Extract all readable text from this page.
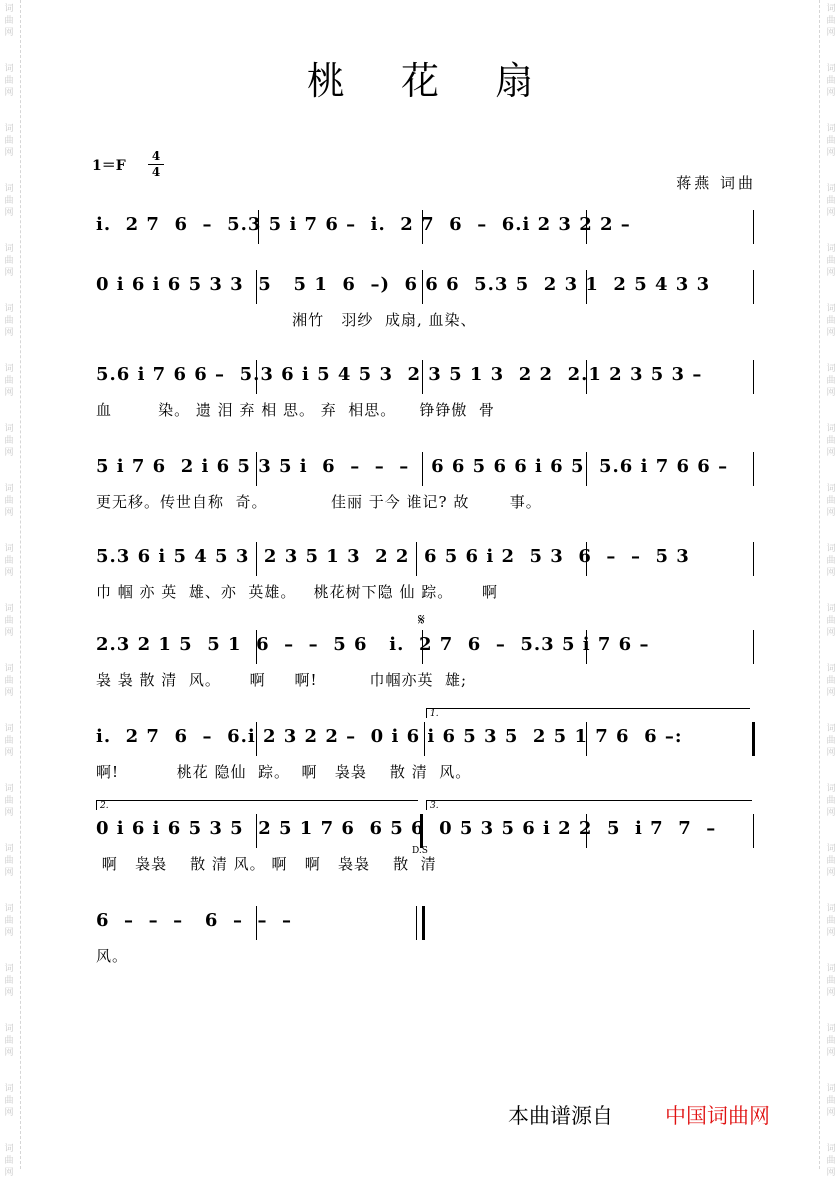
词
曲
网
词
曲
网
词
曲
网
词
曲
网
词
曲
网
词
曲
网
词
曲
网
词
曲
网
词
曲
网
词
曲
网
词
曲
网
词
曲
网
词
曲
网
词
曲
网
词
曲
网
词
曲
网
词
曲
网
词
曲
网
词
曲
网
词
曲
网
词
曲
网
词
曲
网
词
曲
网
词
曲
网
词
曲
网
词
曲
网
词
曲
网
词
曲
网
词
曲
网
词
曲
网
词
曲
网
词
曲
网
词
曲
网
词
曲
网
词
曲
网
词
曲
网
词
曲
网
词
曲
网
词
曲
网
词
曲
网
桃 花 扇
1＝F
4
4
蒋燕 词曲
i.  2 7  6  –  5.3 5 i 7 6 –  i.  2 7  6  –  6.i 2 3 2 2 –
0 i 6 i 6 5 3 3  5   5 1  6  –)  6 6 6  5.3 5  2 3 1  2 5 4 3 3
湘竹   羽纱  成扇, 血染、
5.6 i 7 6 6 –  5.3 6 i 5 4 5 3  2 3 5 1 3  2 2  2.1 2 3 5 3 –
血        染。 遗 泪 弃 相 思。 弃  相思。    铮铮傲  骨
5 i 7 6  2 i 6 5 3 5 i  6  –  –  –   6 6 5 6 6 i 6 5  5.6 i 7 6 6 –
更无移。传世自称  奇。           佳丽 于今 谁记? 故       事。
5.3 6 i 5 4 5 3  2 3 5 1 3  2 2  6 5 6 i 2  5 3  6  –  –  5 3
巾 帼 亦 英  雄、亦  英雄。   桃花树下隐 仙 踪。     啊
2.3 2 1 5  5 1  6  –  –  5 6   i.  2 7  6  –  5.3 5 i 7 6 –
袅 袅 散 清  风。     啊     啊!         巾帼亦英  雄;
𝄋
i.  2 7  6  –  6.i 2 3 2 2 –  0 i 6 i 6 5 3 5  2 5 1 7 6  6 –:
啊!          桃花 隐仙  踪。  啊   袅袅    散 清  风。
1.
0 i 6 i 6 5 3 5  2 5 1 7 6  6 5 6  0 5 3 5 6 i 2 2  5  i 7  7  –
啊   袅袅    散 清 风。 啊   啊   袅袅    散  清
2.	3.
D.S
6  –  –  –   6  –  –  –
风。
本曲谱源自 中国词曲网
